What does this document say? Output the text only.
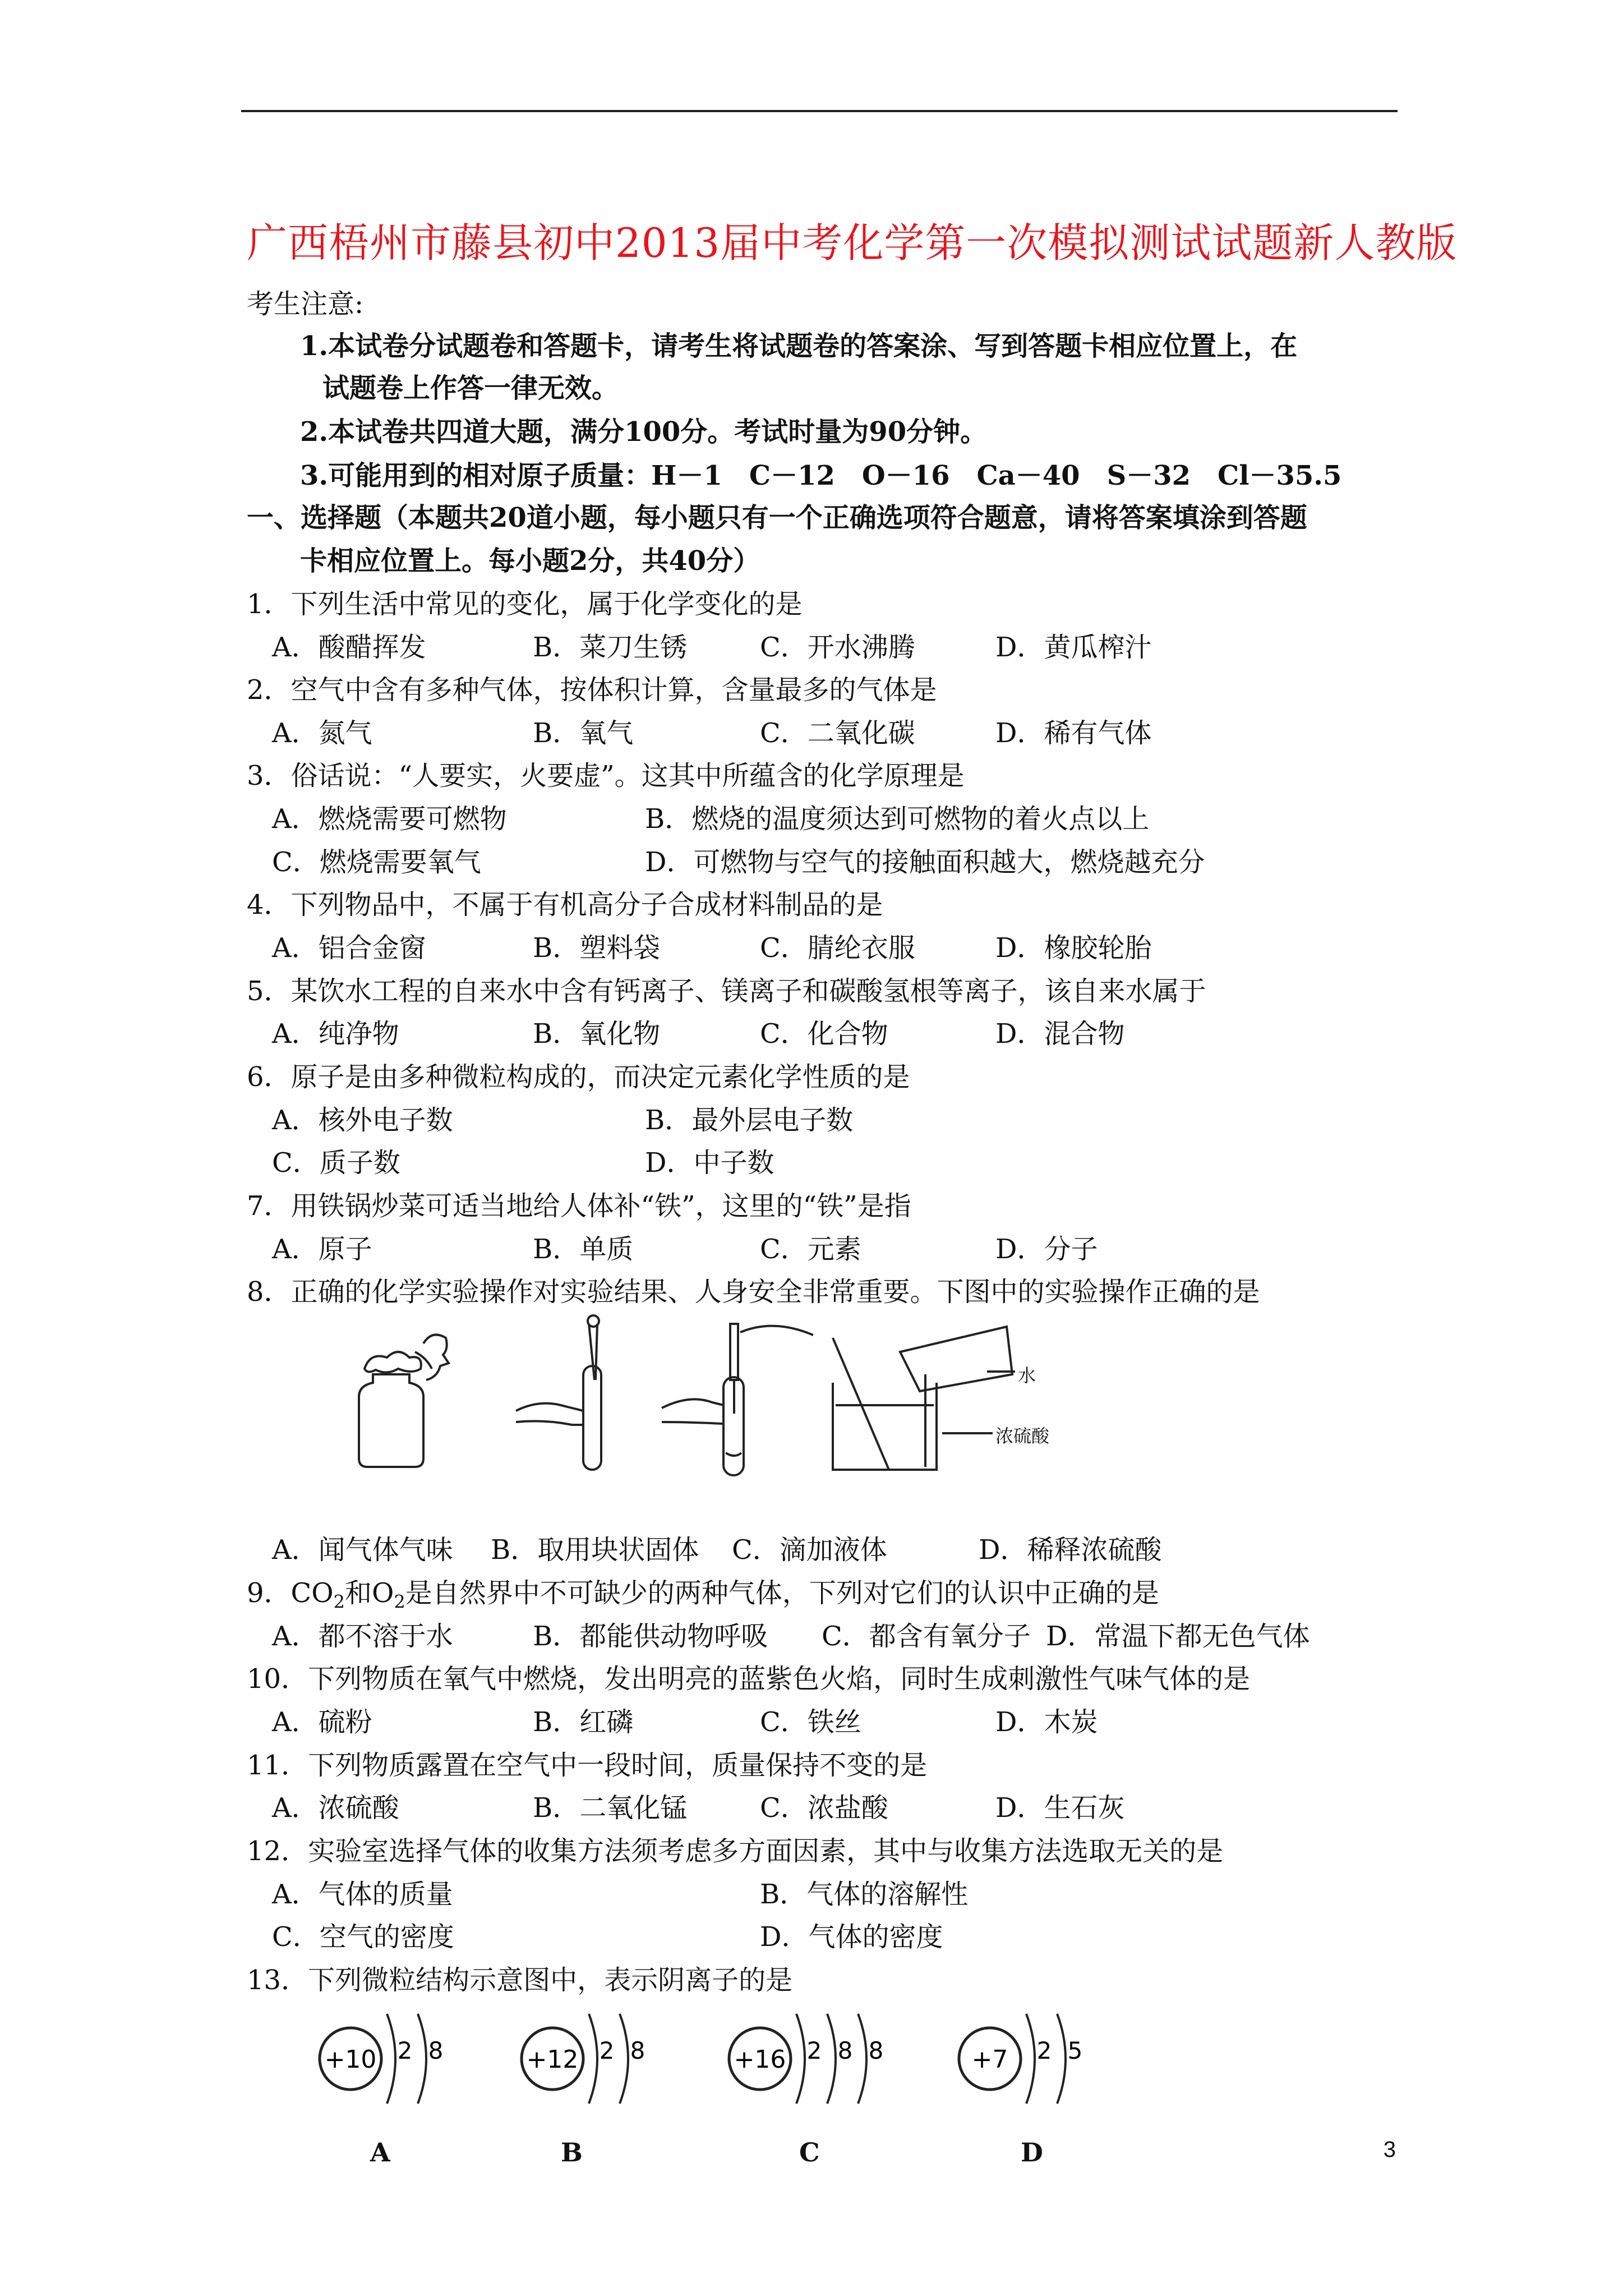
广西梧州市藤县初中2013届中考化学第一次模拟测试试题新人教版
考生注意:
1.本试卷分试题卷和答题卡，请考生将试题卷的答案涂、写到答题卡相应位置上，在
试题卷上作答一律无效。
2.本试卷共四道大题，满分100分。考试时量为90分钟。
3.可能用到的相对原子质量：H－1　C－12　O－16　Ca－40　S－32　Cl－35.5
一、选择题（本题共20道小题，每小题只有一个正确选项符合题意，请将答案填涂到答题
卡相应位置上。每小题2分，共40分）
1．下列生活中常见的变化，属于化学变化的是
A．酸醋挥发	B．菜刀生锈	C．开水沸腾	D．黄瓜榨汁
2．空气中含有多种气体，按体积计算，含量最多的气体是
A．氮气	B．氧气	C．二氧化碳	D．稀有气体
3．俗话说：“人要实，火要虚”。这其中所蕴含的化学原理是
A．燃烧需要可燃物	B．燃烧的温度须达到可燃物的着火点以上
C．燃烧需要氧气	D．可燃物与空气的接触面积越大，燃烧越充分
4．下列物品中，不属于有机高分子合成材料制品的是
A．铝合金窗	B．塑料袋	C．腈纶衣服	D．橡胶轮胎
5．某饮水工程的自来水中含有钙离子、镁离子和碳酸氢根等离子，该自来水属于
A．纯净物	B．氧化物	C．化合物	D．混合物
6．原子是由多种微粒构成的，而决定元素化学性质的是
A．核外电子数	B．最外层电子数
C．质子数	D．中子数
7．用铁锅炒菜可适当地给人体补“铁”，这里的“铁”是指
A．原子	B．单质	C．元素	D．分子
8．正确的化学实验操作对实验结果、人身安全非常重要。下图中的实验操作正确的是
水
浓硫酸
A．闻气体气味 B．取用块状固体 C．滴加液体	D．稀释浓硫酸
9．$CO_2$和$O_2$是自然界中不可缺少的两种气体，下列对它们的认识中正确的是
A．都不溶于水	B．都能供动物呼吸 C．都含有氧分子 D．常温下都无色气体
10．下列物质在氧气中燃烧，发出明亮的蓝紫色火焰，同时生成刺激性气味气体的是
A．硫粉	B．红磷	C．铁丝	D．木炭
11．下列物质露置在空气中一段时间，质量保持不变的是
A．浓硫酸	B．二氧化锰	C．浓盐酸	D．生石灰
12．实验室选择气体的收集方法须考虑多方面因素，其中与收集方法选取无关的是
A．气体的质量	B．气体的溶解性
C．空气的密度	D．气体的密度
13．下列微粒结构示意图中，表示阴离子的是
+10 2 8
A
+12 2 8
B
+16 2 8 8
C
+7 2 5
D	3
